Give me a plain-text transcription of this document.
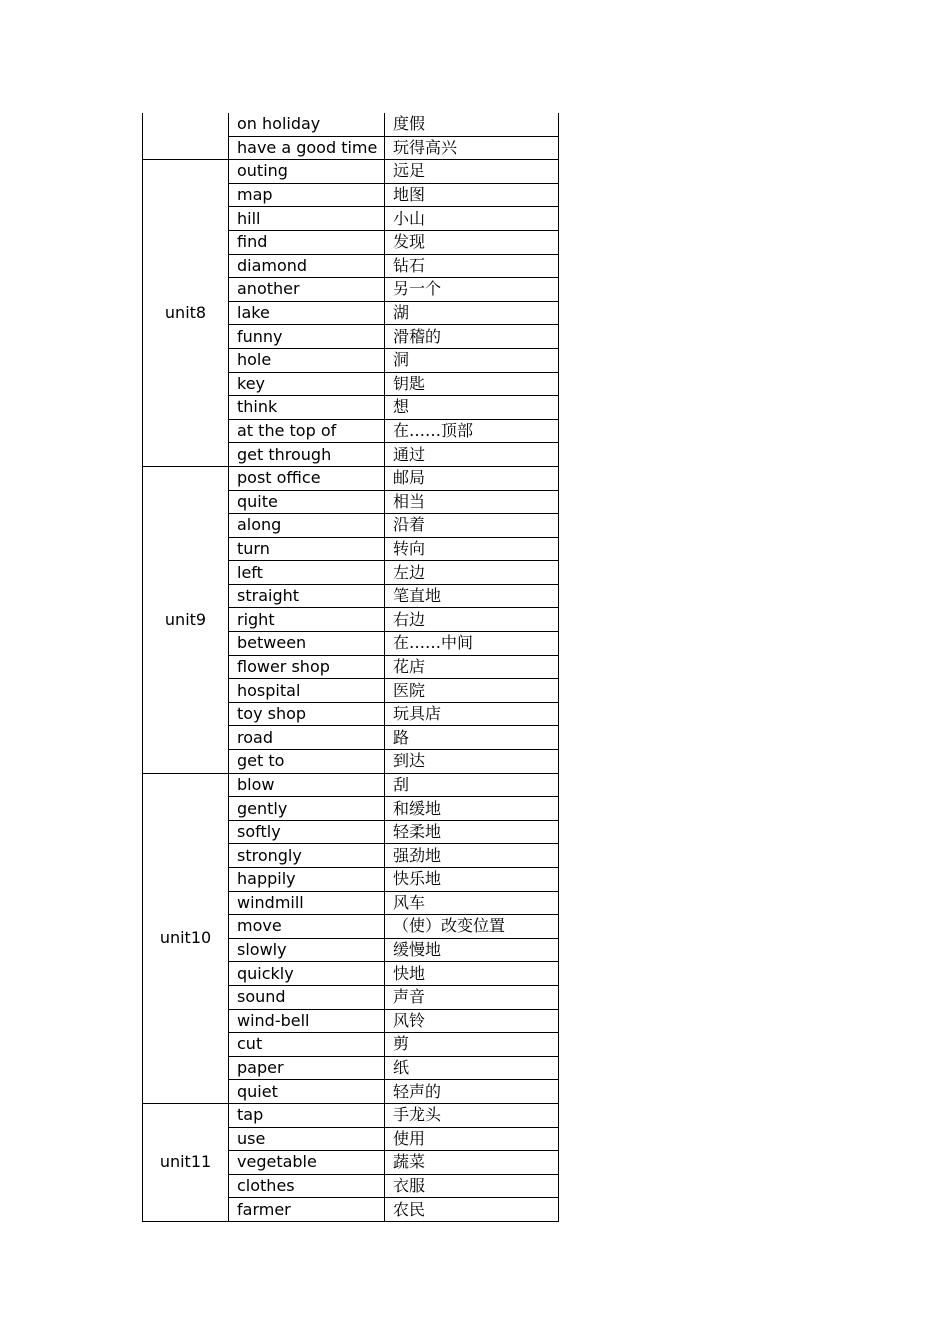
	on holiday	度假
	have a good time	玩得高兴
unit8	outing	远足
	map	地图
	hill	小山
	find	发现
	diamond	钻石
	another	另一个
	lake	湖
	funny	滑稽的
	hole	洞
	key	钥匙
	think	想
	at the top of	在……顶部
	get through	通过
unit9	post office	邮局
	quite	相当
	along	沿着
	turn	转向
	left	左边
	straight	笔直地
	right	右边
	between	在……中间
	flower shop	花店
	hospital	医院
	toy shop	玩具店
	road	路
	get to	到达
unit10	blow	刮
	gently	和缓地
	softly	轻柔地
	strongly	强劲地
	happily	快乐地
	windmill	风车
	move	（使）改变位置
	slowly	缓慢地
	quickly	快地
	sound	声音
	wind-bell	风铃
	cut	剪
	paper	纸
	quiet	轻声的
unit11	tap	手龙头
	use	使用
	vegetable	蔬菜
	clothes	衣服
	farmer	农民
